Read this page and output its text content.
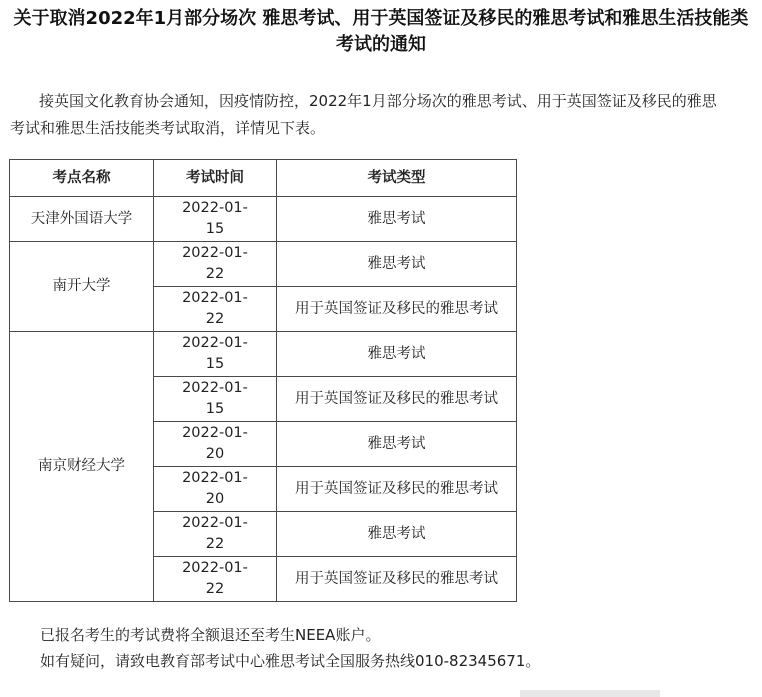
关于取消2022年1月部分场次 雅思考试、用于英国签证及移民的雅思考试和雅思生活技能类
考试的通知
接英国文化教育协会通知，因疫情防控，2022年1月部分场次的雅思考试、用于英国签证及移民的雅思
考试和雅思生活技能类考试取消，详情见下表。
考点名称	考试时间	考试类型
天津外国语大学	2022-01-
15	雅思考试
南开大学	2022-01-
22	雅思考试

	2022-01-
22	用于英国签证及移民的雅思考试
南京财经大学	2022-01-
15	雅思考试

	2022-01-
15	用于英国签证及移民的雅思考试

	2022-01-
20	雅思考试

	2022-01-
20	用于英国签证及移民的雅思考试

	2022-01-
22	雅思考试

	2022-01-
22	用于英国签证及移民的雅思考试
已报名考生的考试费将全额退还至考生NEEA账户。
如有疑问，请致电教育部考试中心雅思考试全国服务热线010-82345671。
